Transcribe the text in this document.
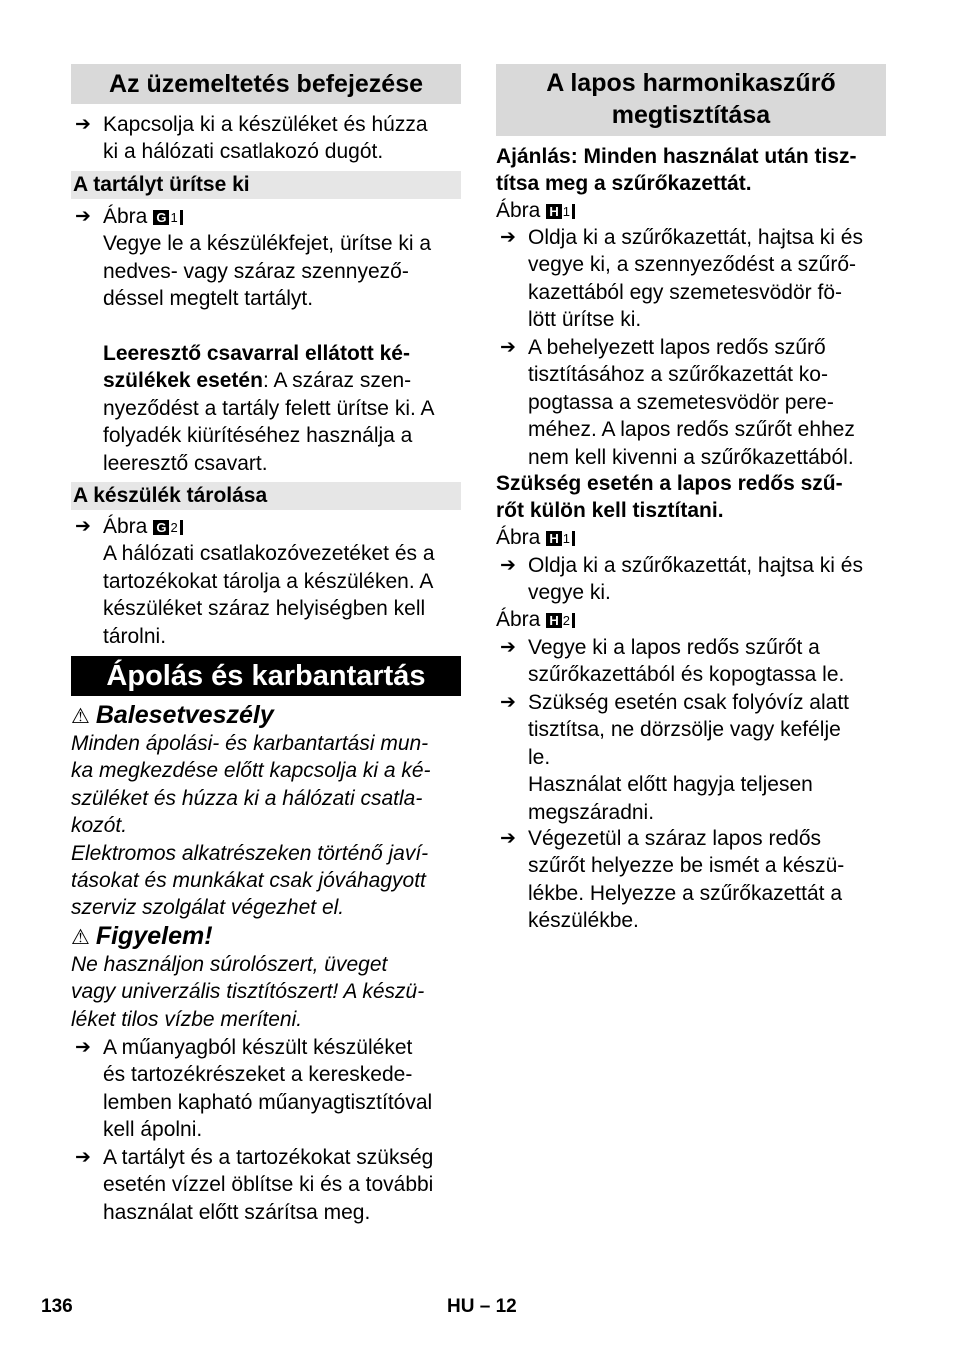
Az üzemeltetés befejezése
➔ Kapcsolja ki a készüléket és húzza
ki a hálózati csatlakozó dugót.
A tartályt ürítse ki
➔ Ábra G 1
Vegye le a készülékfejet, ürítse ki a
nedves- vagy száraz szennyező-
déssel megtelt tartályt.
Leeresztő csavarral ellátott ké-
szülékek esetén: A száraz szen-
nyeződést a tartály felett ürítse ki. A
folyadék kiürítéséhez használja a
leeresztő csavart.
A készülék tárolása
➔ Ábra G 2
A hálózati csatlakozóvezetéket és a
tartozékokat tárolja a készüléken. A
készüléket száraz helyiségben kell
tárolni.
Ápolás és karbantartás
⚠ Balesetveszély
Minden ápolási- és karbantartási mun-
ka megkezdése előtt kapcsolja ki a ké-
szüléket és húzza ki a hálózati csatla-
kozót.
Elektromos alkatrészeken történő javí-
tásokat és munkákat csak jóváhagyott
szerviz szolgálat végezhet el.
⚠ Figyelem!
Ne használjon súrolószert, üveget
vagy univerzális tisztítószert! A készü-
léket tilos vízbe meríteni.
➔ A műanyagból készült készüléket
és tartozékrészeket a kereskede-
lemben kapható műanyagtisztítóval
kell ápolni.
➔ A tartályt és a tartozékokat szükség
esetén vízzel öblítse ki és a további
használat előtt szárítsa meg.
A lapos harmonikaszűrő
megtisztítása
Ajánlás: Minden használat után tisz-
títsa meg a szűrőkazettát.
Ábra H 1
➔ Oldja ki a szűrőkazettát, hajtsa ki és
vegye ki, a szennyeződést a szűrő-
kazettából egy szemetesvödör fö-
lött ürítse ki.
➔ A behelyezett lapos redős szűrő
tisztításához a szűrőkazettát ko-
pogtassa a szemetesvödör pere-
méhez. A lapos redős szűrőt ehhez
nem kell kivenni a szűrőkazettából.
Szükség esetén a lapos redős szű-
rőt külön kell tisztítani.
Ábra H 1
➔ Oldja ki a szűrőkazettát, hajtsa ki és
vegye ki.
Ábra H 2
➔ Vegye ki a lapos redős szűrőt a
szűrőkazettából és kopogtassa le.
➔ Szükség esetén csak folyóvíz alatt
tisztítsa, ne dörzsölje vagy kefélje
le.
Használat előtt hagyja teljesen
megszáradni.
➔ Végezetül a száraz lapos redős
szűrőt helyezze be ismét a készü-
lékbe. Helyezze a szűrőkazettát a
készülékbe.
136	HU – 12
